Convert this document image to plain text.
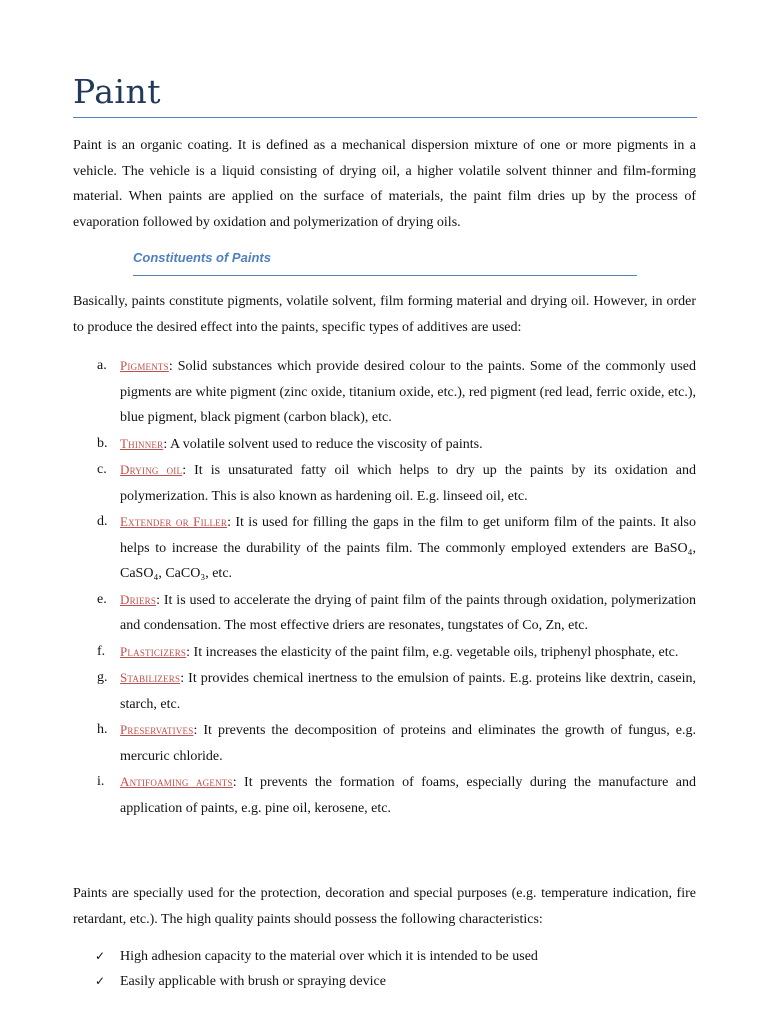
Paint

Paint is an organic coating. It is defined as a mechanical dispersion mixture of one or more pigments in a vehicle. The vehicle is a liquid consisting of drying oil, a higher volatile solvent thinner and film-forming material. When paints are applied on the surface of materials, the paint film dries up by the process of evaporation followed by oxidation and polymerization of drying oils.

Constituents of Paints

Basically, paints constitute pigments, volatile solvent, film forming material and drying oil. However, in order to produce the desired effect into the paints, specific types of additives are used:

a. Pigments: Solid substances which provide desired colour to the paints. Some of the commonly used pigments are white pigment (zinc oxide, titanium oxide, etc.), red pigment (red lead, ferric oxide, etc.), blue pigment, black pigment (carbon black), etc.
b. Thinner: A volatile solvent used to reduce the viscosity of paints.
c. Drying oil: It is unsaturated fatty oil which helps to dry up the paints by its oxidation and polymerization. This is also known as hardening oil. E.g. linseed oil, etc.
d. Extender or Filler: It is used for filling the gaps in the film to get uniform film of the paints. It also helps to increase the durability of the paints film. The commonly employed extenders are BaSO₄, CaSO₄, CaCO₃, etc.
e. Driers: It is used to accelerate the drying of paint film of the paints through oxidation, polymerization and condensation. The most effective driers are resonates, tungstates of Co, Zn, etc.
f. Plasticizers: It increases the elasticity of the paint film, e.g. vegetable oils, triphenyl phosphate, etc.
g. Stabilizers: It provides chemical inertness to the emulsion of paints. E.g. proteins like dextrin, casein, starch, etc.
h. Preservatives: It prevents the decomposition of proteins and eliminates the growth of fungus, e.g. mercuric chloride.
i. Antifoaming agents: It prevents the formation of foams, especially during the manufacture and application of paints, e.g. pine oil, kerosene, etc.

Paints are specially used for the protection, decoration and special purposes (e.g. temperature indication, fire retardant, etc.). The high quality paints should possess the following characteristics:

✓ High adhesion capacity to the material over which it is intended to be used
✓ Easily applicable with brush or spraying device
